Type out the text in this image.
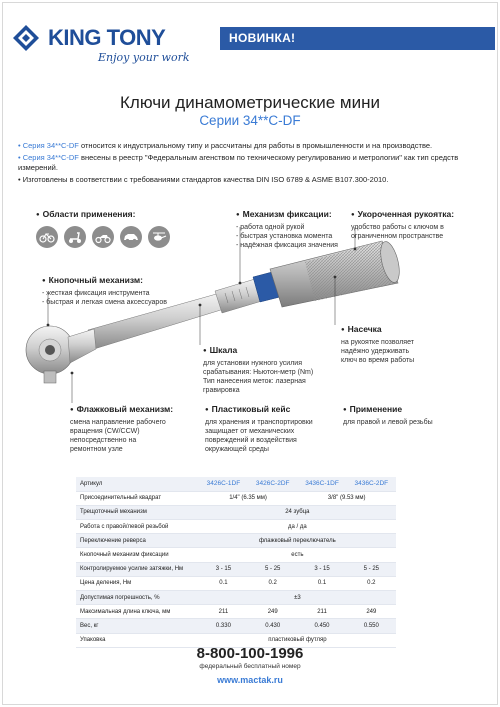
KING TONY
Enjoy your work
НОВИНКА!
Ключи динамометрические мини
Серии 34**C-DF

• Серия 34**C-DF относится к индустриальному типу и рассчитаны для работы в промышленности и на производстве.

• Серия 34**C-DF внесены в реестр "Федеральным агенством по техническому регулированию и метрологии" как тип средств измерений.

• Изготовлены в соответствии с требованиями стандартов качества DIN ISO 6789 & ASME B107.300-2010.

● Области применения:	● Механизм фиксации:
- работа одной рукой
- быстрая установка момента
- надёжная фиксация значения
● Укороченная рукоятка:
удобство работы с ключом в
ограниченном пространстве
● Кнопочный механизм:
- жесткая фиксация инструмента
- быстрая и легкая смена аксессуаров
● Насечка
на рукоятке позволяет
надёжно удерживать
ключ во время работы
● Шкала
для установки нужного усилия
срабатывания: Ньютон-метр (Nm)
Тип нанесения меток: лазерная
гравировка
● Флажковый механизм:
смена направление рабочего
вращения (CW/CCW)
непосредственно на
ремонтном узле
● Пластиковый кейс
для хранения и транспортировки
защищает от механических
повреждений и воздействия
окружающей среды
● Применение
для правой и левой резьбы
Артикул	3426C-1DF	3426C-2DF	3436C-1DF	3436C-2DF
Присоединительный квадрат	1/4" (6.35 мм)		3/8" (9.53 мм)	
Трещоточный механизм	24 зубца			
Работа с правой/левой резьбой	да / да			
Переключение реверса	флажковый переключатель			
Кнопочный механизм фиксации	есть			
Контролируемое усилие затяжки, Нм	3 - 15	5 - 25	3 - 15	5 - 25
Цена деления, Нм	0.1	0.2	0.1	0.2
Допустимая погрешность, %	±3			
Максимальная длина ключа, мм	211	249	211	249
Вес, кг	0.330	0.430	0.450	0.550
Упаковка	пластиковый футляр			
8-800-100-1996
федеральный бесплатный номер
www.mactak.ru
